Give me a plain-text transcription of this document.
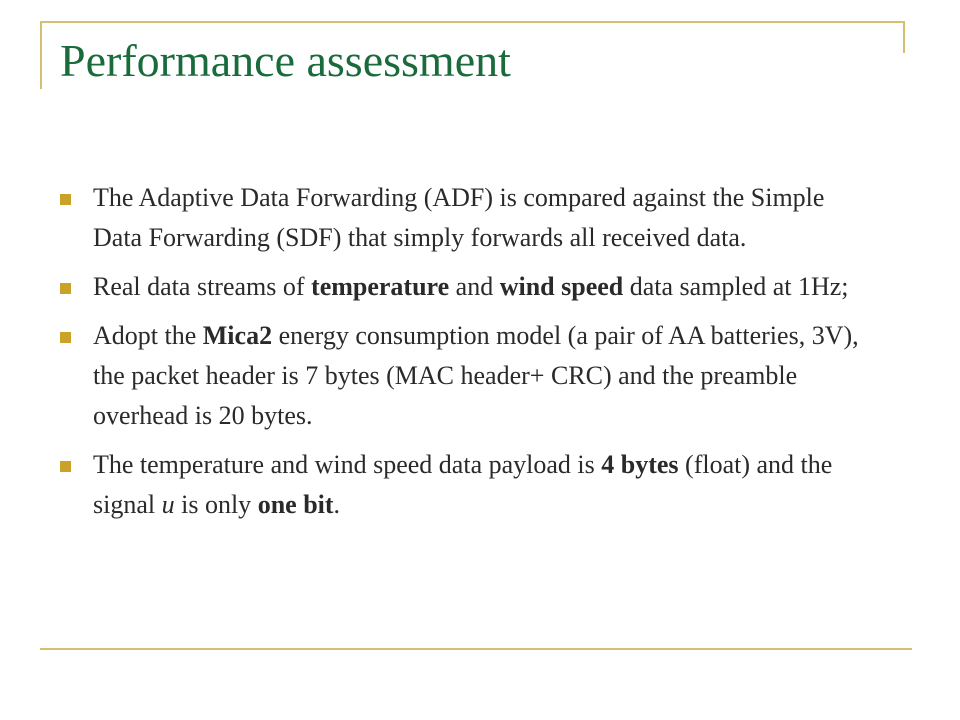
Performance assessment
The Adaptive Data Forwarding (ADF) is compared against the Simple Data Forwarding (SDF) that simply forwards all received data.
Real data streams of temperature and wind speed data sampled at 1Hz;
Adopt the Mica2 energy consumption model (a pair of AA batteries, 3V), the packet header is 7 bytes (MAC header+ CRC) and the preamble overhead is 20 bytes.
The temperature and wind speed data payload is 4 bytes (float) and the signal u is only one bit.
